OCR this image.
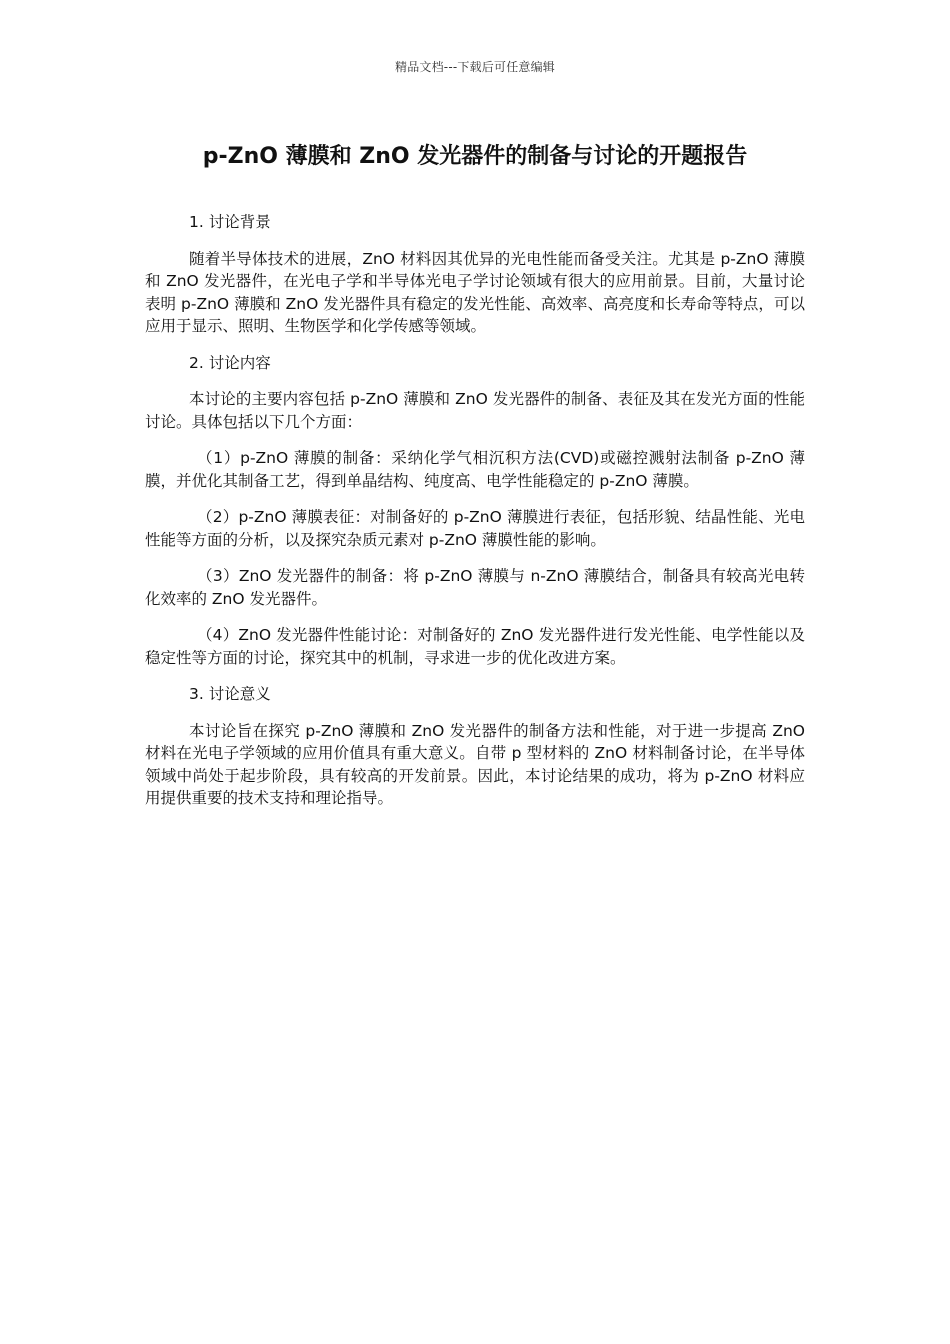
精品文档---下载后可任意编辑
p-ZnO 薄膜和 ZnO 发光器件的制备与讨论的开题报告

1. 讨论背景

随着半导体技术的进展，ZnO 材料因其优异的光电性能而备受关注。尤其是 p-ZnO 薄膜和 ZnO 发光器件，在光电子学和半导体光电子学讨论领域有很大的应用前景。目前，大量讨论表明 p-ZnO 薄膜和 ZnO 发光器件具有稳定的发光性能、高效率、高亮度和长寿命等特点，可以应用于显示、照明、生物医学和化学传感等领域。

2. 讨论内容

本讨论的主要内容包括 p-ZnO 薄膜和 ZnO 发光器件的制备、表征及其在发光方面的性能讨论。具体包括以下几个方面：

（1）p-ZnO 薄膜的制备：采纳化学气相沉积方法(CVD)或磁控溅射法制备 p-ZnO 薄膜，并优化其制备工艺，得到单晶结构、纯度高、电学性能稳定的 p-ZnO 薄膜。

（2）p-ZnO 薄膜表征：对制备好的 p-ZnO 薄膜进行表征，包括形貌、结晶性能、光电性能等方面的分析，以及探究杂质元素对 p-ZnO 薄膜性能的影响。

（3）ZnO 发光器件的制备：将 p-ZnO 薄膜与 n-ZnO 薄膜结合，制备具有较高光电转化效率的 ZnO 发光器件。

（4）ZnO 发光器件性能讨论：对制备好的 ZnO 发光器件进行发光性能、电学性能以及稳定性等方面的讨论，探究其中的机制，寻求进一步的优化改进方案。

3. 讨论意义

本讨论旨在探究 p-ZnO 薄膜和 ZnO 发光器件的制备方法和性能，对于进一步提高 ZnO 材料在光电子学领域的应用价值具有重大意义。自带 p 型材料的 ZnO 材料制备讨论，在半导体领域中尚处于起步阶段，具有较高的开发前景。因此，本讨论结果的成功，将为 p-ZnO 材料应用提供重要的技术支持和理论指导。
